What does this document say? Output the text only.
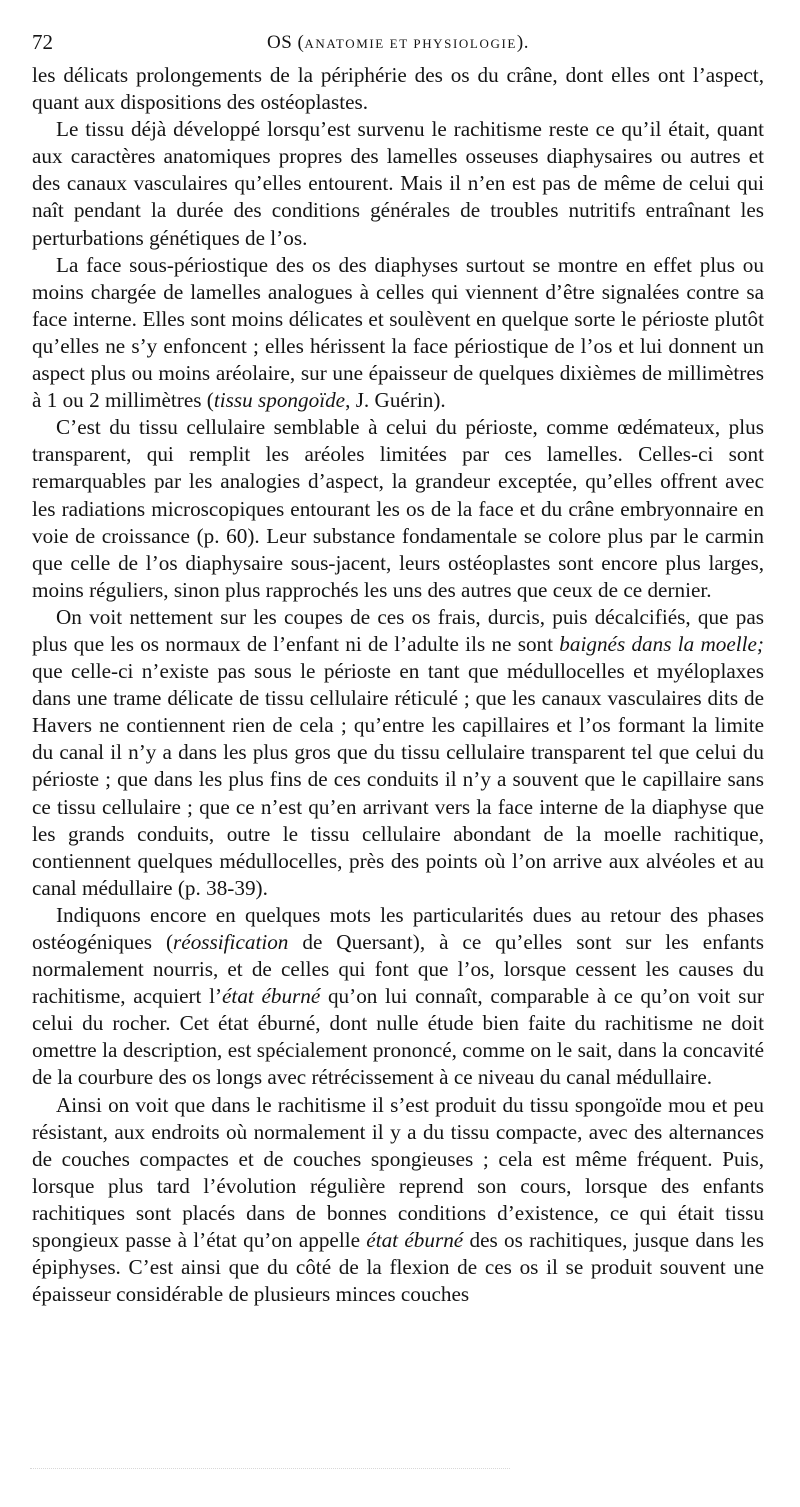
72	OS (ANATOMIE ET PHYSIOLOGIE).

les délicats prolongements de la périphérie des os du crâne, dont elles ont l’aspect, quant aux dispositions des ostéoplastes.

Le tissu déjà développé lorsqu’est survenu le rachitisme reste ce qu’il était, quant aux caractères anatomiques propres des lamelles osseuses diaphysaires ou autres et des canaux vasculaires qu’elles entourent. Mais il n’en est pas de même de celui qui naît pendant la durée des conditions générales de troubles nutritifs entraînant les perturbations génétiques de l’os.

La face sous-périostique des os des diaphyses surtout se montre en effet plus ou moins chargée de lamelles analogues à celles qui viennent d’être signalées contre sa face interne. Elles sont moins délicates et soulèvent en quelque sorte le périoste plutôt qu’elles ne s’y enfoncent ; elles hérissent la face périostique de l’os et lui donnent un aspect plus ou moins aréolaire, sur une épaisseur de quelques dixièmes de millimètres à 1 ou 2 millimètres (tissu spongoïde, J. Guérin).

C’est du tissu cellulaire semblable à celui du périoste, comme œdémateux, plus transparent, qui remplit les aréoles limitées par ces lamelles. Celles-ci sont remarquables par les analogies d’aspect, la grandeur exceptée, qu’elles offrent avec les radiations microscopiques entourant les os de la face et du crâne embryonnaire en voie de croissance (p. 60). Leur substance fondamentale se colore plus par le carmin que celle de l’os diaphysaire sous-jacent, leurs ostéoplastes sont encore plus larges, moins réguliers, sinon plus rapprochés les uns des autres que ceux de ce dernier.

On voit nettement sur les coupes de ces os frais, durcis, puis décalcifiés, que pas plus que les os normaux de l’enfant ni de l’adulte ils ne sont baignés dans la moelle; que celle-ci n’existe pas sous le périoste en tant que médullocelles et myéloplaxes dans une trame délicate de tissu cellulaire réticulé ; que les canaux vasculaires dits de Havers ne contiennent rien de cela ; qu’entre les capillaires et l’os formant la limite du canal il n’y a dans les plus gros que du tissu cellulaire transparent tel que celui du périoste ; que dans les plus fins de ces conduits il n’y a souvent que le capillaire sans ce tissu cellulaire ; que ce n’est qu’en arrivant vers la face interne de la diaphyse que les grands conduits, outre le tissu cellulaire abondant de la moelle rachitique, contiennent quelques médullocelles, près des points où l’on arrive aux alvéoles et au canal médullaire (p. 38-39).

Indiquons encore en quelques mots les particularités dues au retour des phases ostéogéniques (réossification de Quersant), à ce qu’elles sont sur les enfants normalement nourris, et de celles qui font que l’os, lorsque cessent les causes du rachitisme, acquiert l’état éburné qu’on lui connaît, comparable à ce qu’on voit sur celui du rocher. Cet état éburné, dont nulle étude bien faite du rachitisme ne doit omettre la description, est spécialement prononcé, comme on le sait, dans la concavité de la courbure des os longs avec rétrécissement à ce niveau du canal médullaire.

Ainsi on voit que dans le rachitisme il s’est produit du tissu spongoïde mou et peu résistant, aux endroits où normalement il y a du tissu compacte, avec des alternances de couches compactes et de couches spongieuses ; cela est même fréquent. Puis, lorsque plus tard l’évolution régulière reprend son cours, lorsque des enfants rachitiques sont placés dans de bonnes conditions d’existence, ce qui était tissu spongieux passe à l’état qu’on appelle état éburné des os rachitiques, jusque dans les épiphyses. C’est ainsi que du côté de la flexion de ces os il se produit souvent une épaisseur considérable de plusieurs minces couches
